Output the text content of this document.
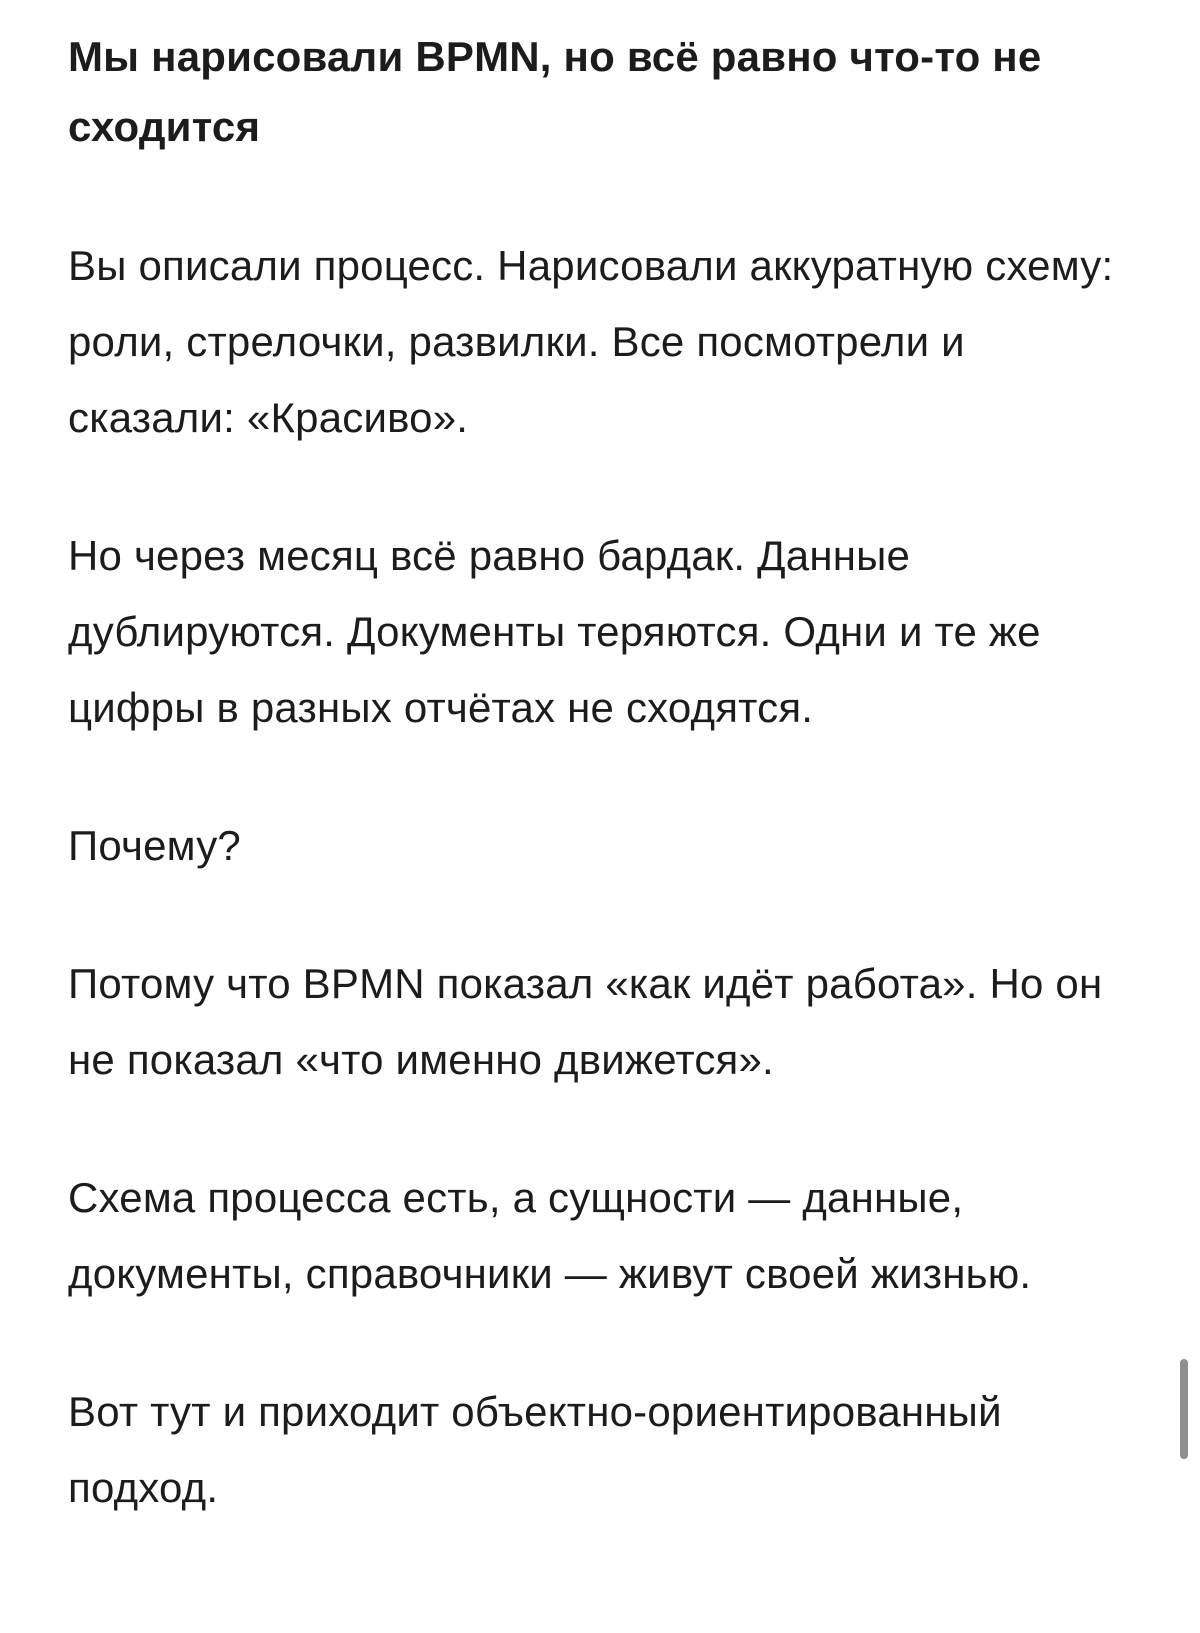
Мы нарисовали BPMN, но всё равно что-то не сходится

Вы описали процесс. Нарисовали аккуратную схему: роли, стрелочки, развилки. Все посмотрели и сказали: «Красиво».

Но через месяц всё равно бардак. Данные дублируются. Документы теряются. Одни и те же цифры в разных отчётах не сходятся.

Почему?

Потому что BPMN показал «как идёт работа». Но он не показал «что именно движется».

Схема процесса есть, а сущности — данные, документы, справочники — живут своей жизнью.

Вот тут и приходит объектно-ориентированный подход.
